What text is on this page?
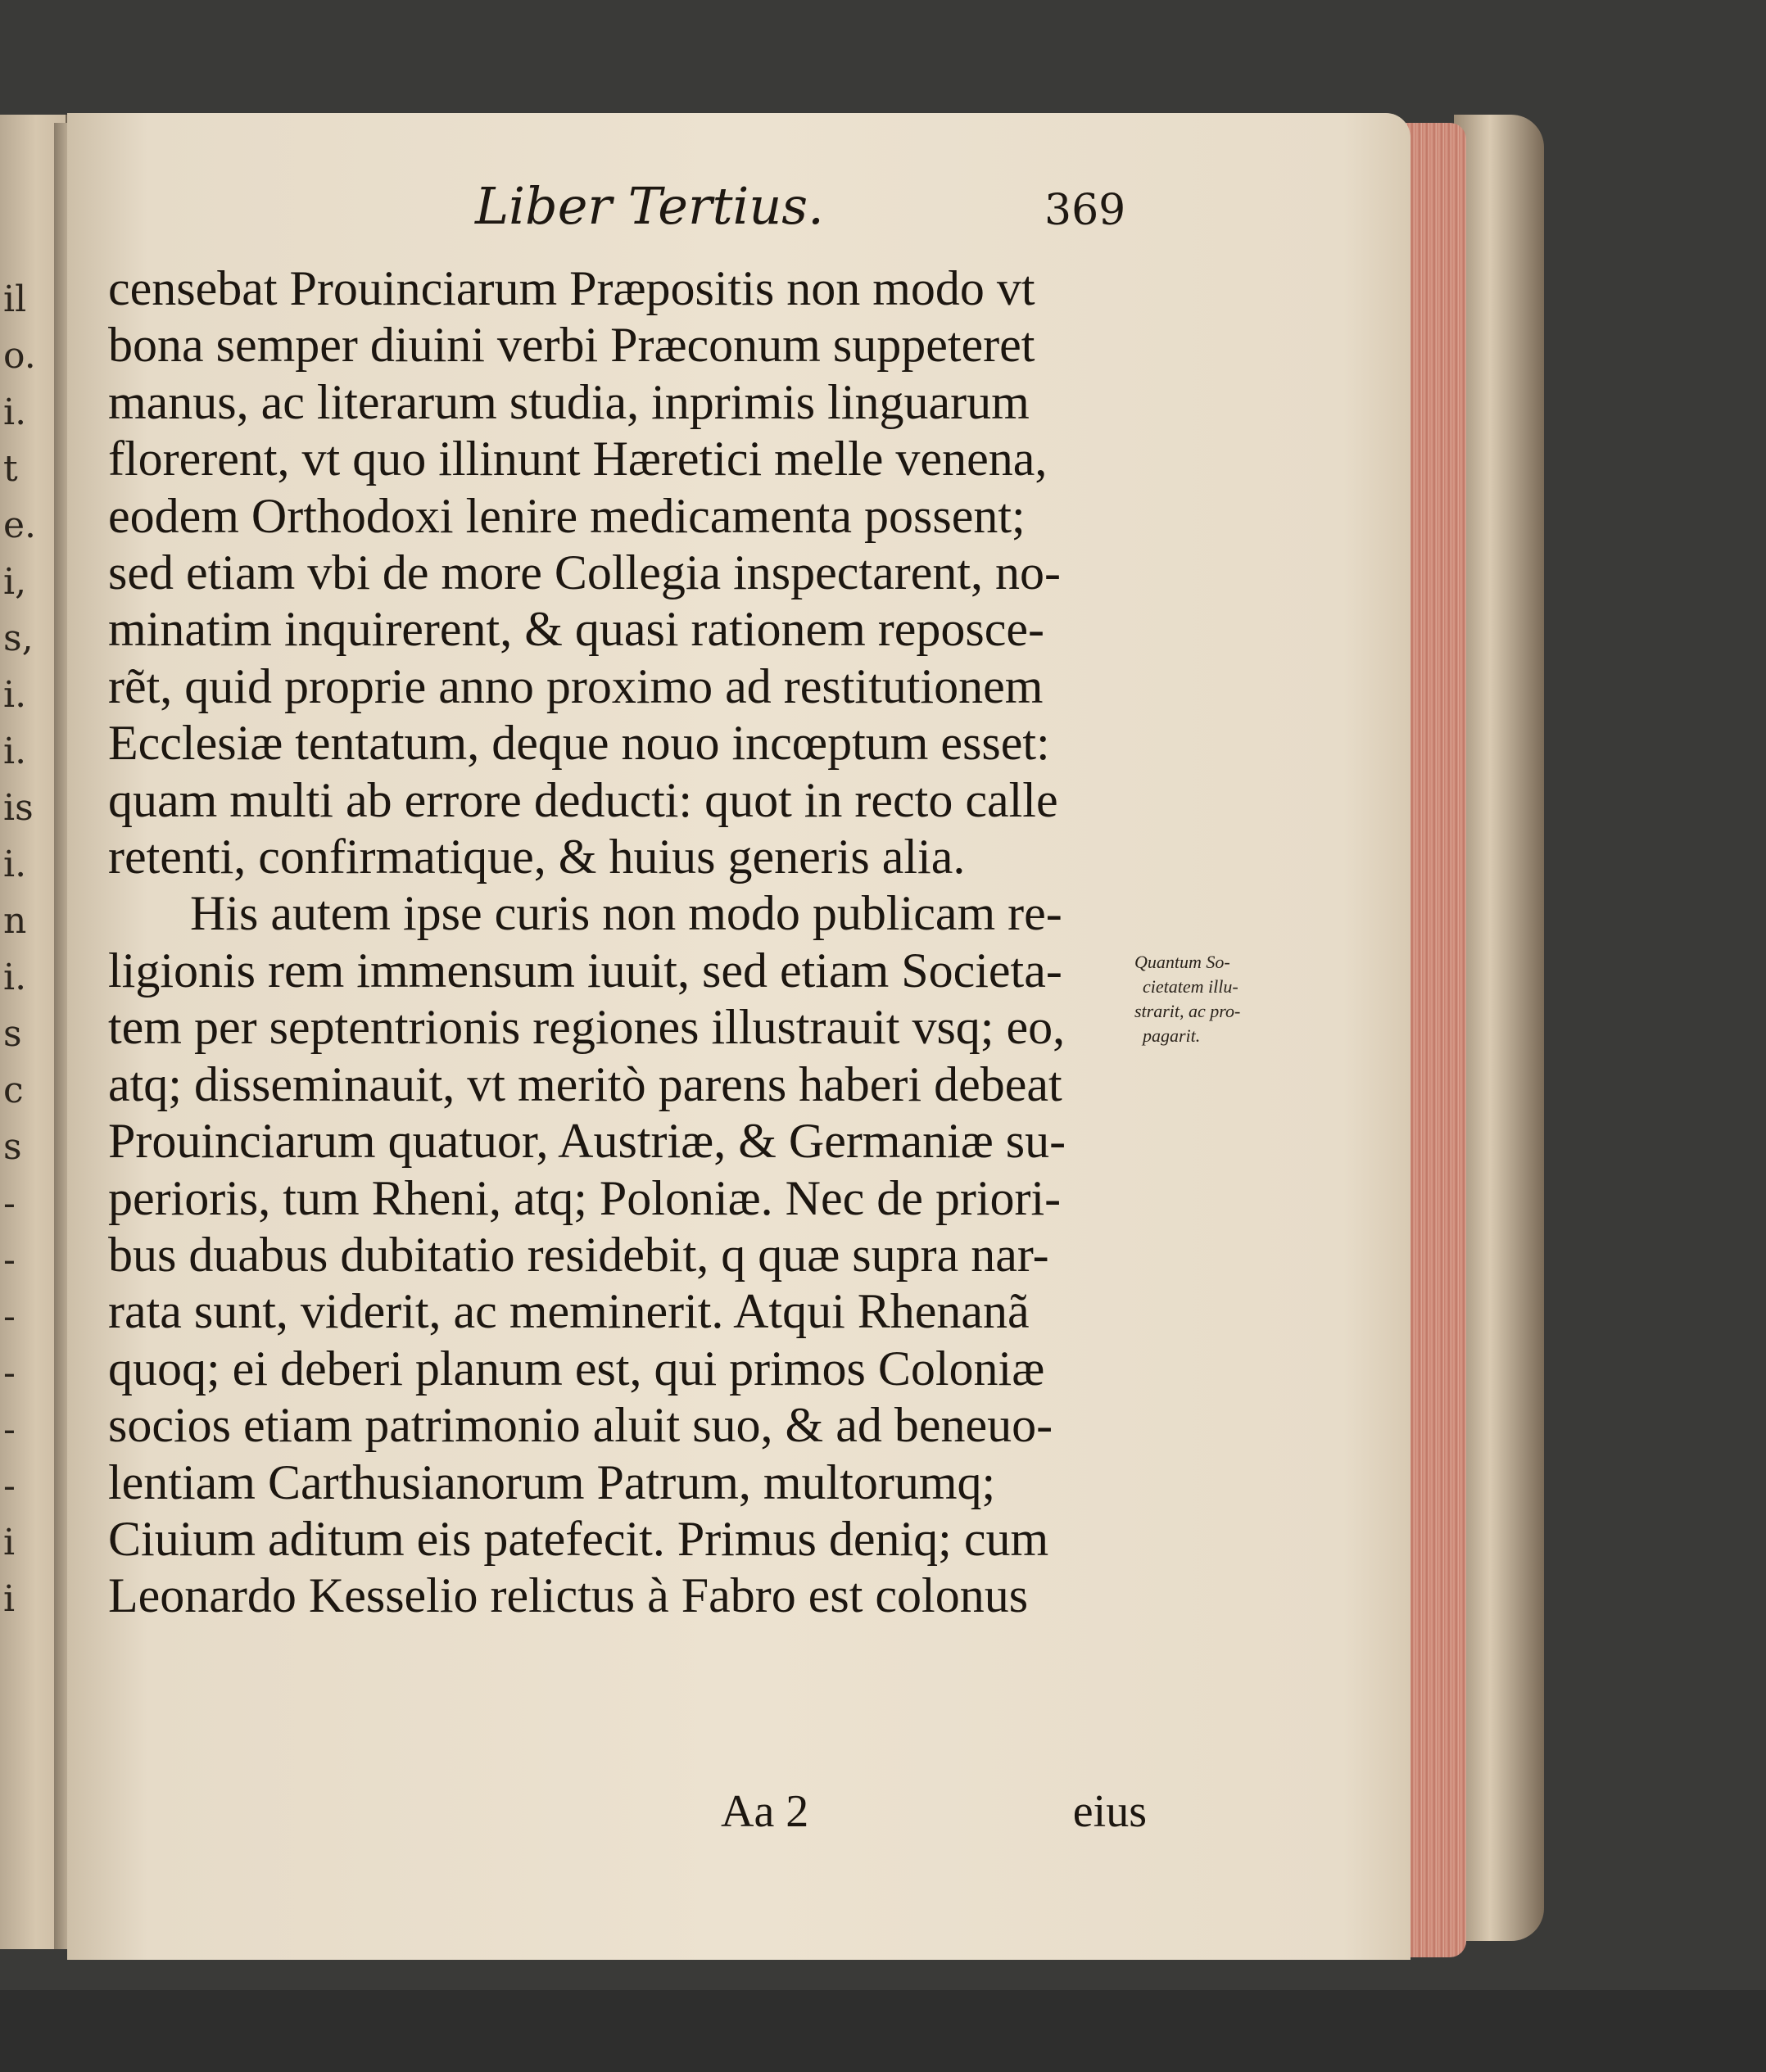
il
o.
i.
t
e.
i,
s,
i.
i.
is
i.
n
i.
s
c
s
-
-
-
-
-
-
i
i
Liber Tertius.	369
censebat Prouinciarum Præpositis non modo vt
bona semper diuini verbi Præconum suppeteret
manus, ac literarum studia, inprimis linguarum
florerent, vt quo illinunt Hæretici melle venena,
eodem Orthodoxi lenire medicamenta possent;
sed etiam vbi de more Collegia inspectarent, no-
minatim inquirerent, & quasi rationem reposce-
rẽt, quid proprie anno proximo ad restitutionem
Ecclesiæ tentatum, deque nouo incœptum esset:
quam multi ab errore deducti: quot in recto calle
retenti, confirmatique, & huius generis alia.
His autem ipse curis non modo publicam re-
ligionis rem immensum iuuit, sed etiam Societa-
tem per septentrionis regiones illustrauit vsq; eo,
atq; disseminauit, vt meritò parens haberi debeat
Prouinciarum quatuor, Austriæ, & Germaniæ su-
perioris, tum Rheni, atq; Poloniæ. Nec de priori-
bus duabus dubitatio residebit, q quæ supra nar-
rata sunt, viderit, ac meminerit. Atqui Rhenanã
quoq; ei deberi planum est, qui primos Coloniæ
socios etiam patrimonio aluit suo, & ad beneuo-
lentiam Carthusianorum Patrum, multorumq;
Ciuium aditum eis patefecit. Primus deniq; cum
Leonardo Kesselio relictus à Fabro est colonus
Quantum So-
cietatem illu-
strarit, ac pro-
pagarit.
Aa 2	eius
